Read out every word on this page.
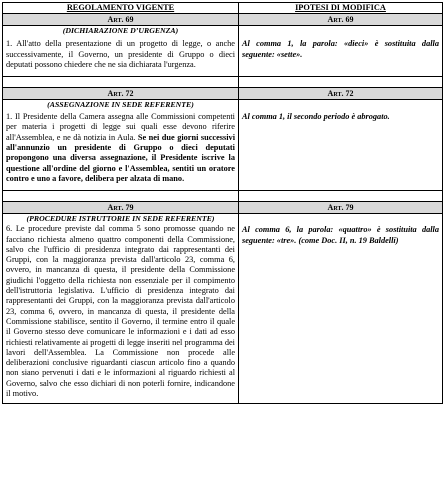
REGOLAMENTO VIGENTE	IPOTESI DI MODIFICA
Art. 69	Art. 69

(DICHIARAZIONE D’URGENZA)
1. All'atto della presentazione di un progetto di legge, o anche successivamente, il Governo, un presidente di Gruppo o dieci deputati possono chiedere che ne sia dichiarata l'urgenza.	Al comma 1, la parola: «dieci» è sostituita dalla seguente: «sette».

Art. 72	Art. 72

(ASSEGNAZIONE IN SEDE REFERENTE)
1. Il Presidente della Camera assegna alle Commissioni competenti per materia i progetti di legge sui quali esse devono riferire all'Assemblea, e ne dà notizia in Aula. Se nei due giorni successivi all'annunzio un presidente di Gruppo o dieci deputati propongono una diversa assegnazione, il Presidente iscrive la questione all'ordine del giorno e l'Assemblea, sentiti un oratore contro e uno a favore, delibera per alzata di mano.	Al comma 1, il secondo periodo è abrogato.

Art. 79	Art. 79

(PROCEDURE ISTRUTTORIE IN SEDE REFERENTE)
6. Le procedure previste dal comma 5 sono promosse quando ne facciano richiesta almeno quattro componenti della Commissione, salvo che l'ufficio di presidenza integrato dai rappresentanti dei Gruppi, con la maggioranza prevista dall'articolo 23, comma 6, ovvero, in mancanza di questa, il presidente della Commissione giudichi l'oggetto della richiesta non essenziale per il compimento dell'istruttoria legislativa. L'ufficio di presidenza integrato dai rappresentanti dei Gruppi, con la maggioranza prevista dall'articolo 23, comma 6, ovvero, in mancanza di questa, il presidente della Commissione stabilisce, sentito il Governo, il termine entro il quale il Governo stesso deve comunicare le informazioni e i dati ad esso richiesti relativamente ai progetti di legge inseriti nel programma dei lavori dell'Assemblea. La Commissione non procede alle deliberazioni conclusive riguardanti ciascun articolo fino a quando non siano pervenuti i dati e le informazioni al riguardo richiesti al Governo, salvo che esso dichiari di non poterli fornire, indicandone il motivo.	Al comma 6, la parola: «quattro» è sostituita dalla seguente: «tre». (come Doc. II, n. 19 Baldelli)
